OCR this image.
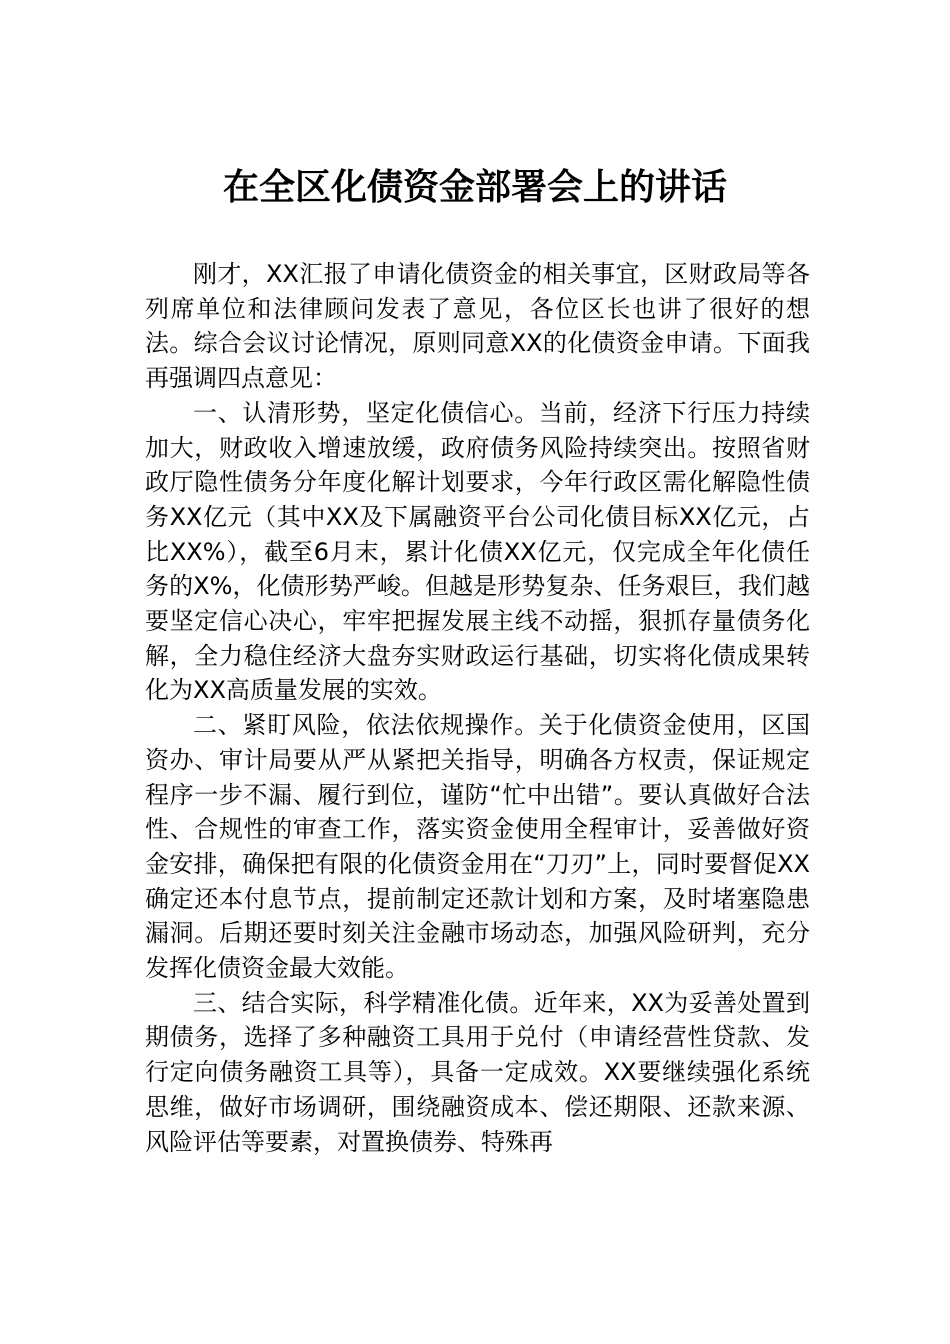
在全区化债资金部署会上的讲话

刚才，XX汇报了申请化债资金的相关事宜，区财政局等各列席单位和法律顾问发表了意见，各位区长也讲了很好的想法。综合会议讨论情况，原则同意XX的化债资金申请。下面我再强调四点意见：

一、认清形势，坚定化债信心。当前，经济下行压力持续加大，财政收入增速放缓，政府债务风险持续突出。按照省财政厅隐性债务分年度化解计划要求，今年行政区需化解隐性债务XX亿元（其中XX及下属融资平台公司化债目标XX亿元，占比XX%），截至6月末，累计化债XX亿元，仅完成全年化债任务的X%，化债形势严峻。但越是形势复杂、任务艰巨，我们越要坚定信心决心，牢牢把握发展主线不动摇，狠抓存量债务化解，全力稳住经济大盘夯实财政运行基础，切实将化债成果转化为XX高质量发展的实效。

二、紧盯风险，依法依规操作。关于化债资金使用，区国资办、审计局要从严从紧把关指导，明确各方权责，保证规定程序一步不漏、履行到位，谨防“忙中出错”。要认真做好合法性、合规性的审查工作，落实资金使用全程审计，妥善做好资金安排，确保把有限的化债资金用在“刀刃”上，同时要督促XX确定还本付息节点，提前制定还款计划和方案，及时堵塞隐患漏洞。后期还要时刻关注金融市场动态，加强风险研判，充分发挥化债资金最大效能。

三、结合实际，科学精准化债。近年来，XX为妥善处置到期债务，选择了多种融资工具用于兑付（申请经营性贷款、发行定向债务融资工具等），具备一定成效。XX要继续强化系统思维，做好市场调研，围绕融资成本、偿还期限、还款来源、风险评估等要素，对置换债券、特殊再
